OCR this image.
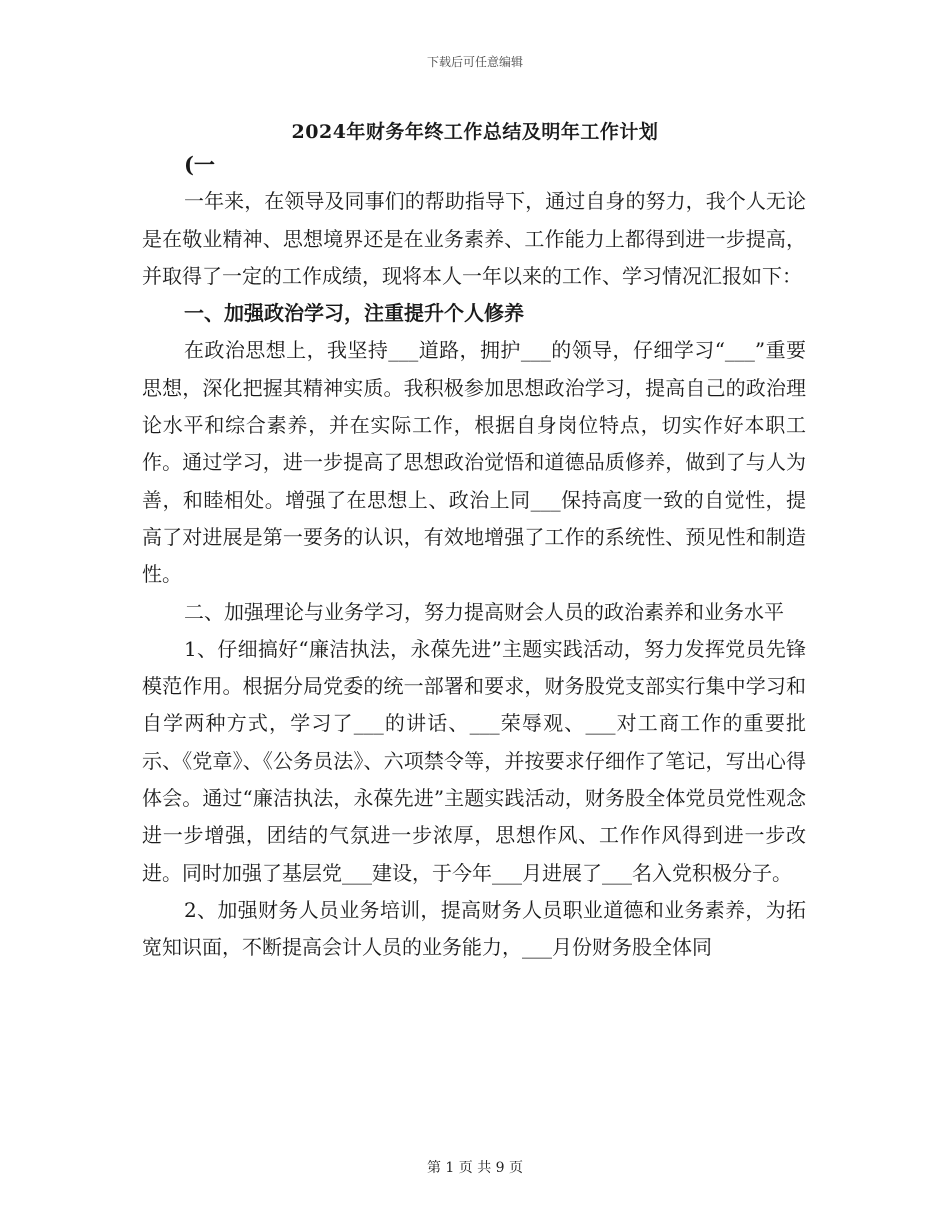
下载后可任意编辑
2024年财务年终工作总结及明年工作计划

(一

一年来，在领导及同事们的帮助指导下，通过自身的努力，我个人无论是在敬业精神、思想境界还是在业务素养、工作能力上都得到进一步提高，并取得了一定的工作成绩，现将本人一年以来的工作、学习情况汇报如下：

一、加强政治学习，注重提升个人修养

在政治思想上，我坚持___道路，拥护___的领导，仔细学习“___”重要思想，深化把握其精神实质。我积极参加思想政治学习，提高自己的政治理论水平和综合素养，并在实际工作，根据自身岗位特点，切实作好本职工作。通过学习，进一步提高了思想政治觉悟和道德品质修养，做到了与人为善，和睦相处。增强了在思想上、政治上同___保持高度一致的自觉性，提高了对进展是第一要务的认识，有效地增强了工作的系统性、预见性和制造性。

二、加强理论与业务学习，努力提高财会人员的政治素养和业务水平

1、仔细搞好“廉洁执法，永葆先进”主题实践活动，努力发挥党员先锋模范作用。根据分局党委的统一部署和要求，财务股党支部实行集中学习和自学两种方式，学习了___的讲话、___荣辱观、___对工商工作的重要批示、《党章》、《公务员法》、六项禁令等，并按要求仔细作了笔记，写出心得体会。通过“廉洁执法，永葆先进”主题实践活动，财务股全体党员党性观念进一步增强，团结的气氛进一步浓厚，思想作风、工作作风得到进一步改进。同时加强了基层党___建设，于今年___月进展了___名入党积极分子。

2、加强财务人员业务培训，提高财务人员职业道德和业务素养，为拓宽知识面，不断提高会计人员的业务能力，___月份财务股全体同

第 1 页 共 9 页
